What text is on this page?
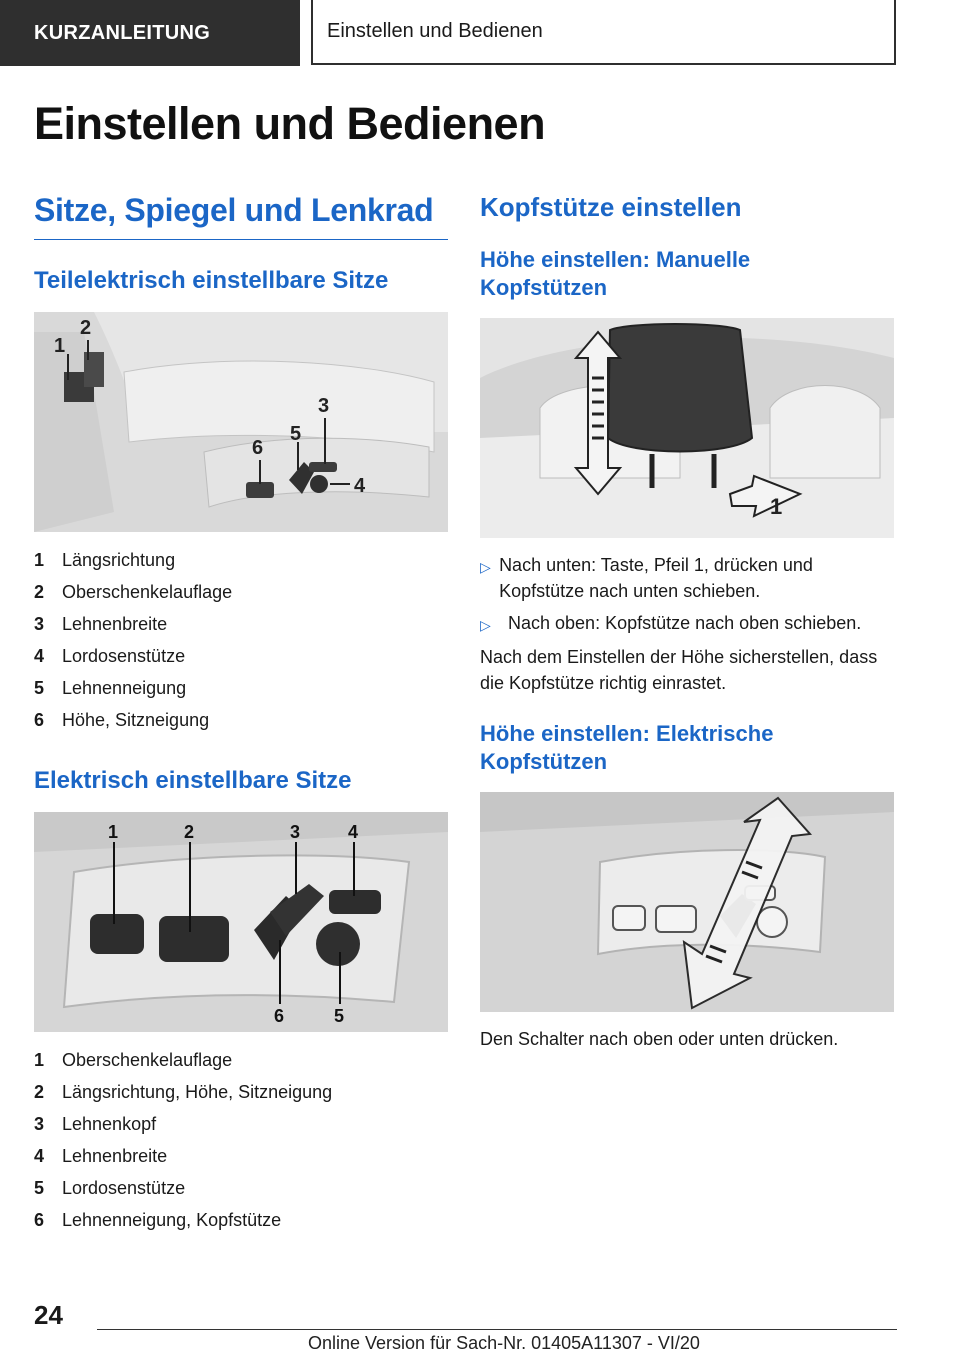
KURZANLEITUNG	Einstellen und Bedienen
Einstellen und Bedienen
Sitze, Spiegel und Lenkrad
Teilelektrisch einstellbare Sitze
1
2
3
4
5
6
1 Längsrichtung
2 Oberschenkelauflage
3 Lehnenbreite
4 Lordosenstütze
5 Lehnenneigung
6 Höhe, Sitzneigung
Elektrisch einstellbare Sitze
1	2	3	4
5
6
1 Oberschenkelauflage
2 Längsrichtung, Höhe, Sitzneigung
3 Lehnenkopf
4 Lehnenbreite
5 Lordosenstütze
6 Lehnenneigung, Kopfstütze
Kopfstütze einstellen
Höhe einstellen: Manuelle Kopfstützen
1
▷ Nach unten: Taste, Pfeil 1, drücken und Kopfstütze nach unten schieben.
▷ Nach oben: Kopfstütze nach oben schieben.

Nach dem Einstellen der Höhe sicherstellen, dass die Kopfstütze richtig einrastet.

Höhe einstellen: Elektrische Kopfstützen

Den Schalter nach oben oder unten drücken.

24
Online Version für Sach-Nr. 01405A11307 - VI/20
